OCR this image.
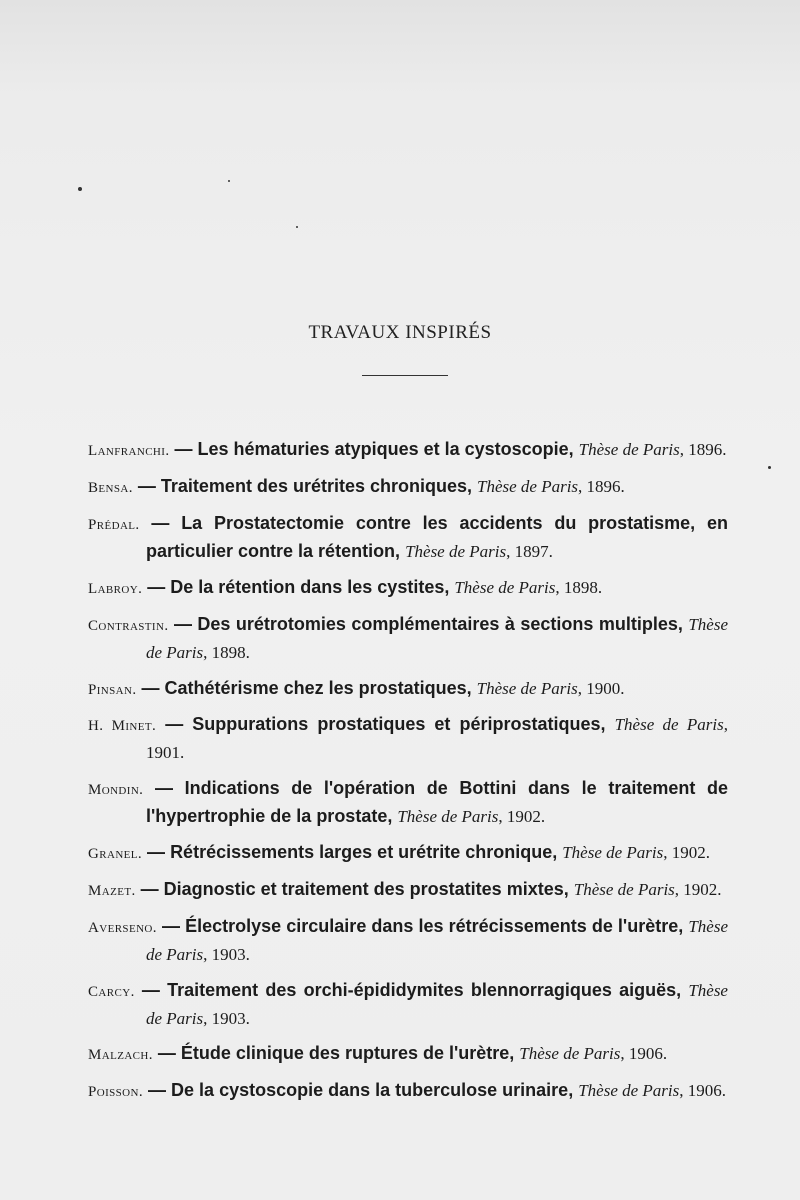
TRAVAUX INSPIRÉS

Lanfranchi. — Les hématuries atypiques et la cystoscopie, Thèse de Paris, 1896.

Bensa. — Traitement des urétrites chroniques, Thèse de Paris, 1896.

Prédal. — La Prostatectomie contre les accidents du prostatisme, en particulier contre la rétention, Thèse de Paris, 1897.

Labroy. — De la rétention dans les cystites, Thèse de Paris, 1898.

Contrastin. — Des urétrotomies complémentaires à sections multiples, Thèse de Paris, 1898.

Pinsan. — Cathétérisme chez les prostatiques, Thèse de Paris, 1900.

H. Minet. — Suppurations prostatiques et périprostatiques, Thèse de Paris, 1901.

Mondin. — Indications de l'opération de Bottini dans le traitement de l'hypertrophie de la prostate, Thèse de Paris, 1902.

Granel. — Rétrécissements larges et urétrite chronique, Thèse de Paris, 1902.

Mazet. — Diagnostic et traitement des prostatites mixtes, Thèse de Paris, 1902.

Averseno. — Électrolyse circulaire dans les rétrécissements de l'urètre, Thèse de Paris, 1903.

Carcy. — Traitement des orchi-épididymites blennorragiques aiguës, Thèse de Paris, 1903.

Malzach. — Étude clinique des ruptures de l'urètre, Thèse de Paris, 1906.

Poisson. — De la cystoscopie dans la tuberculose urinaire, Thèse de Paris, 1906.
